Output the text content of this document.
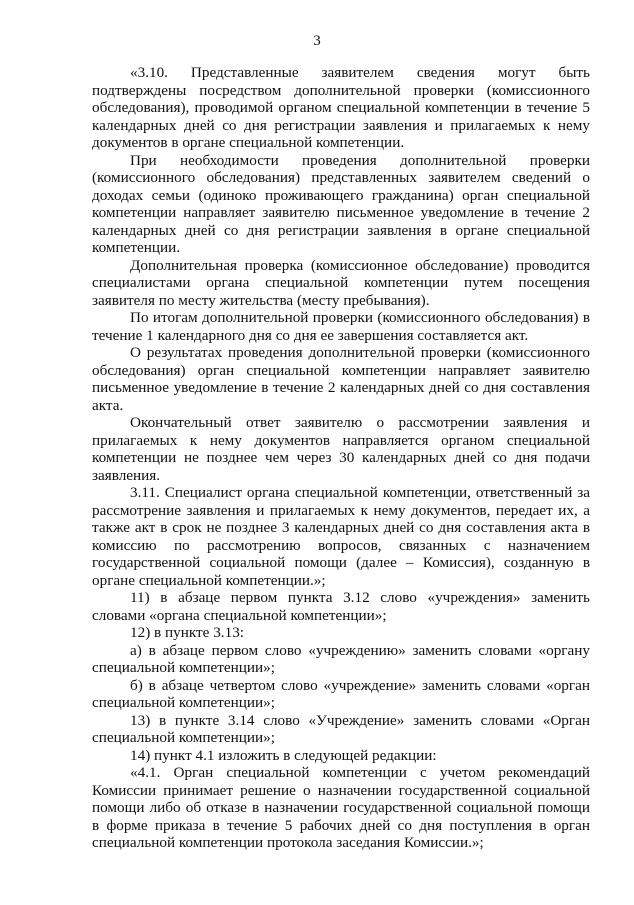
3

«3.10. Представленные заявителем сведения могут быть подтверждены посредством дополнительной проверки (комиссионного обследования), проводимой органом специальной компетенции в течение 5 календарных дней со дня регистрации заявления и прилагаемых к нему документов в органе специальной компетенции.

При необходимости проведения дополнительной проверки (комиссионного обследования) представленных заявителем сведений о доходах семьи (одиноко проживающего гражданина) орган специальной компетенции направляет заявителю письменное уведомление в течение 2 календарных дней со дня регистрации заявления в органе специальной компетенции.

Дополнительная проверка (комиссионное обследование) проводится специалистами органа специальной компетенции путем посещения заявителя по месту жительства (месту пребывания).

По итогам дополнительной проверки (комиссионного обследования) в течение 1 календарного дня со дня ее завершения составляется акт.

О результатах проведения дополнительной проверки (комиссионного обследования) орган специальной компетенции направляет заявителю письменное уведомление в течение 2 календарных дней со дня составления акта.

Окончательный ответ заявителю о рассмотрении заявления и прилагаемых к нему документов направляется органом специальной компетенции не позднее чем через 30 календарных дней со дня подачи заявления.

3.11. Специалист органа специальной компетенции, ответственный за рассмотрение заявления и прилагаемых к нему документов, передает их, а также акт в срок не позднее 3 календарных дней со дня составления акта в комиссию по рассмотрению вопросов, связанных с назначением государственной социальной помощи (далее – Комиссия), созданную в органе специальной компетенции.»;

11) в абзаце первом пункта 3.12 слово «учреждения» заменить словами «органа специальной компетенции»;

12) в пункте 3.13:

а) в абзаце первом слово «учреждению» заменить словами «органу специальной компетенции»;

б) в абзаце четвертом слово «учреждение» заменить словами «орган специальной компетенции»;

13) в пункте 3.14 слово «Учреждение» заменить словами «Орган специальной компетенции»;

14) пункт 4.1 изложить в следующей редакции:

«4.1. Орган специальной компетенции с учетом рекомендаций Комиссии принимает решение о назначении государственной социальной помощи либо об отказе в назначении государственной социальной помощи в форме приказа в течение 5 рабочих дней со дня поступления в орган специальной компетенции протокола заседания Комиссии.»;
